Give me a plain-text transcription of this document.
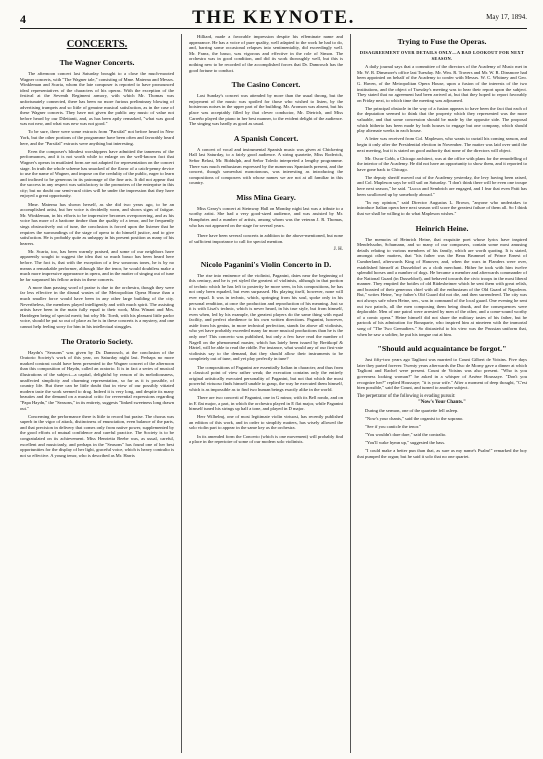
4	THE KEYNOTE.	May 17, 1894.
CONCERTS.
The Wagner Concerts.

The afternoon concert last Saturday brought to a close the much-mooted Wagner concerts, with "The Wagner tale," consisting of Mme. Materna and Messrs. Winkleman and Scaria, whom the late composer is reported to have pronounced ideal representatives of the characters of his operas. With the exception of the festival at the Seventh Regiment armory, with which Mr. Thomas was unfortunately connected, there has been no more furious preliminary blowing of advertising trumpets and so little of genuine musical satisfaction, as in the case of these Wagner concerts. They have not given the public any music of value not before heard by our Dilettanti, and, as has been aptly remarked, "what was good was not new, and what was new was not good."

To be sure, there were some extracts from "Parsifal" not before heard in New York, but the other portions of the programme have been often and favorably heard here, and the "Parsifal" extracts were anything but interesting.

Even the composer's blindest worshippers have admitted the tameness of the performances, and it is not worth while to enlarge on the well-known fact that Wagner's operas in mutilated form are not adapted for representation on the concert stage. In truth the whole scheme has smacked of the flavor of a catch-penny device to use the name of Wagner, and impose on the credulity of the public, eager to learn and inclined to be generous in its patronage of the fine arts. It did not appear that the success in any respect was satisfactory to the promoters of the enterprise in this city; but no doubt our semi-rural cities will be under the impression that they have enjoyed a great opportunity.

Mme. Materna has shown herself, as she did two years ago, to be an accomplished artist, but her voice is decidedly worn, and shows signs of fatigue. Mr. Winkleman, in his efforts to be impressive becomes overpowering, and as his voice has more of a baritone timbre than the quality of a tenor, and he frequently sings obstructively out of tune, the conclusion is forced upon the listener that he requires the surroundings of the stage of opera to do himself justice, and to give satisfaction. He is probably quite as unhappy in his present position as many of his hearers.

Mr. Scaria, too, has been warmly praised, and some of our neighbors have apparently sought to suggest the idea that so much basso has been heard here before. The fact is, that with the exception of a few sonorous tones, he is by no means a remarkable performer, although like the tenor, he would doubtless make a much more impressive appearance in opera, and in the matter of singing out of tune he far surpassed his fellow artists in these concerts.

A more than passing word of praise is due to the orchestra, though they were far less effective in the dismal wastes of the Metropolitan Opera House than a much smaller force would have been in any other large building of the city. Nevertheless, the members played intelligently and with much spirit. The assisting artists have been in the main fully equal to their work, Miss Winant and Mrs. Hartdegen being of special merit; but why Mr. Toedt, with his pleasant little parlor voice, should be put so out of place as he is in these concerts is a mystery, and one cannot help feeling sorry for him in his intellectual struggles.

The Oratorio Society.

Haydn's "Seasons" was given by Dr. Damrosch, at the conclusion of the Oratorio Society's work of this year, on Saturday night last. Perhaps no more marked contrast could have been presented to the Wagner concert of the afternoon than this composition of Haydn, called an oratorio. It is in fact a series of musical illustrations of the subject—a capital, delightful by reason of its melodiousness, unaffected simplicity and charming representation, so far as it is possible, of country life. But there can be little doubt that in view of our possibly vitiated modern taste the work seemed to drag. Indeed it is very long, and despite its many beauties and the demand on a musical critic for reverential expressions regarding "Papa Haydn," the "Seasons," in its entirety, suggests "linked sweetness long drawn out."

Concerning the performance there is little to record but praise. The chorus was superb in the vigor of attack, distinctness of enunciation, even balance of the parts, and that precision in delivery that comes only from native power, supplemented by the good efforts of mutual confidence and careful practice. The Society is to be congratulated on its achievement. Miss Henrietta Beebe was, as usual, careful, excellent and musicianly, and perhaps in the "Seasons" has found one of her best opportunities for the display of her light, graceful voice, which is heavy contralto is not so effective. A young tenor, who is described as Mr. Harris

Hilliard, made a favorable impression despite his effeminate name and appearance. He has a voice of pure quality, well adapted to the work he had to do, and, barring some occasional relapses into sentimentality, did exceedingly well. Mr. Franz, the basso, was vigorous and effective in the role of Simon. The orchestra was in good condition, and did its work thoroughly well, but this is nothing new to be recorded of the accomplished forces that Dr. Damrosch has the good fortune to conduct.

The Casino Concert.

Last Sunday's concert was attended by more than the usual throng, but the enjoyment of the music was spoiled for those who wished to listen, by the boisterous noises in the upper part of the building. Mr. Aronson was absent, but his place was acceptably filled by that clever conductor, Mr. Dietrich, and Miss Carreño played the piano in her best manner, to the evident delight of the audience. The singing was hardly as good as usual.

A Spanish Concert.

A concert of vocal and instrumental Spanish music was given at Chickering Hall last Saturday, to a fairly good audience. A string quartette, Miss Roderick, Señor Belasi, Mr. Biddulph, and Señor Toledo interpreted a lengthy programme. There was much enthusiasm expressed by the numerous Spaniards present, and the concert, though somewhat monotonous, was interesting as introducing the compositions of composers with whose names we are not at all familiar in this country.

Miss Mina Geary.

Miss Geary's concert at Steinway Hall on Monday night last was a tribute to a worthy artist. She had a very good-sized audience, and was assisted by Mr. Humphries and a number of artists, among whom was the veteran J. R. Thomas, who has not appeared on the stage for several years.

There have been several concerts in addition to the above-mentioned, but none of sufficient importance to call for special mention.

J. H.
Nicolo Paganini's Violin Concerto in D.

The rise into eminence of the violinist, Paganini, dates near the beginning of this century, and he is yet styled the greatest of violinists, although in that portion of technic which he has left to posterity he more seen, in his compositions, he has not only been equaled, but even surpassed. His playing itself, however, none will ever equal. It was in technic, which, springing from his soul, spoke only in his personal rendition, at once the production and reproduction of his meaning. Just so it is with Liszt's technic, which is never heard, in his true style, but from himself, even when, led by his example, the greatest players do the same thing with equal facility, and perfect obedience to his own written directions. Paganini, however, aside from his genius, in more technical perfection, stands far above all violinists, who yet have probably exceeded many far more musical productions than he is the only one! This concerto was published, but only a few have read the number of Nagell on the phenomenal master, which has lately been issued by Breitkopf & Härtel, will be able to read the riddle. For instance, what would any of our first-rate violinists say to the demand, that they should allow their instruments to be completely out of tune, and yet play perfectly in tune?

The compositions of Paganini are essentially Italian in character, and thus from a classical point of view rather weak; the execution contains only the entirely original artistically executed personality of Paganini, but not that which the most powerful virtuoso finds himself unable to grasp, the way he executed them himself, which is as impossible as to find two human beings exactly alike in the world.

There are two concerti of Paganini, one in G minor, with its Bell rondo, and on in E flat major, a part, in which the orchestra played in E flat major, while Paganini himself tuned his strings up half a tone, and played in D major.

Herr Wilhelmj, one of most legitimate violin virtuosi, has recently published an edition of this work, and in order to simplify matters, has wisely allowed the solo violin part to appear in the same key as the orchestra.

In its amended form the Concerto (which is one movement) will probably find a place in the repertoire of some of our modern solo violinists.

Trying to Fuse the Operas.
DISAGREEMENT OVER DETAILS ONLY—A BAD LOOKOUT FOR NEXT SEASON.

A daily journal says that a committee of the directors of the Academy of Music met in Mr. W. R. Dinsmore's office last Tuesday. Mr. Wm. R. Travers and Mr. W. R. Dinsmore had been appointed on behalf of the Academy to confer with Messrs. W. C. Whitney and Geo. G. Haven, of the Metropolitan Opera House, upon a fusion of the interests of the two institutions, and the object of Tuesday's meeting was to hear their report upon the subject. They stated that no agreement had been arrived at, but that they hoped to report favorably on Friday next, to which time the meeting was adjourned.

The principal obstacle in the way of a fusion appears to have been the fact that each of the deputation seemed to think that the property which they represented was the more valuable, and that some concession should be made by the opposite side. The proposal which hitherto has been made by both houses to engage but one company, which should play alternate weeks in each house.

A letter was received from Col. Mapleson, who wants to curtail his coming season, and begin it only after the Presidential election in November. The matter was laid over until the next meeting, but it is stated on good authority that none of the directors will object.

Mr. Oscar Cobb, a Chicago architect, was at the office with plans for the remodelling of the interior of the Academy. He did not have an opportunity to show them, and it reported to have gone back to Chicago.

The deputy sheriff moved out of the Academy yesterday, the levy having been raised, and Col. Mapleson says he will sail on Saturday. "I don't think there will be even one troupe here next season," he said. "Lucca and Sembrich are engaged, and I fear that even Patti has been swallowed up by somebody abroad."

"In my opinion," said Director Augustus L. Brown, "anyone who undertakes to introduce Italian opera here next season will score the greatest failure of them all. So I think that we shall be willing to do what Mapleson wishes."

Heinrich Heine.

The memoirs of Heinrich Heine, that exquisite poet whose lyrics have inspired Mendelssohn, Schumann, and so many of our composers, contain some most amusing details relating to various members of his family, which are worth quoting. It is stated, amongst other matters, that "his father was the Beau Brummel of Prince Ernest of Cumberland, afterwards King of Hanover, and, when the wars in Flanders were over, established himself at Dusseldorf as a cloth merchant. Hither he took with him twelve splendid horses and a number of dogs. He became a member and afterwards commander of the National Guard (in Dusseldorf), and behaved towards the civic troops in the most liberal manner. They emptied the bottles of old Rüdesheimer which he sent them with great relish, and boasted of their generous chief with all the enthusiasm of the Old Guard of Napoleon. But," writes Heine, "my father's Old Guard did not die, and then surrendered. The city was not always safe when Heine, sen., was in command of the local guard. One evening he sent out two patrols, all the men composing them being drunk, and the consequences were deplorable. Men of one patrol were arrested by men of the other, and a come-sound worthy of a comic opera." Heine himself did not share the military tastes of his father, but he partook of his admiration for Bonaparte, who inspired him at nineteen with the immortal song of "The Two Grenadiers." So distasteful to his view was the Prussian uniform that, when he saw a soldier, he put his tongue out at him.

"Should auld acquaintance be forgot."

Just fifty-two years ago Taglioni was married to Count Gilbert de Voisins. Five days later they parted forever. Twenty years afterwards the Duc de Morny gave a dinner at which Taglioni and Rachel were present. Count de Voisins was also present. "Who is you governess looking woman?" he asked in a whisper of Arsène Houssaye. "Don't you recognize her?" replied Houssaye; "it is your wife." After a moment of deep thought, "C'est bien possible," said the Count, and turned to another subject.

The perpetrator of the following is evading pursuit:
"Now's Your Chants."

During the sermon, one of the quartette fell asleep.

"Now's your chants," said the organist to the soprano.

"See if you canticle the tenor."

"You wouldn't dare dare," said the contralto.

"You'll wake hymn up," suggested the bass.

"I could make a better pun than that, as sure as my name's Psalm!" remarked the boy that pumped the organ; but he said it solo that no one quartet.
